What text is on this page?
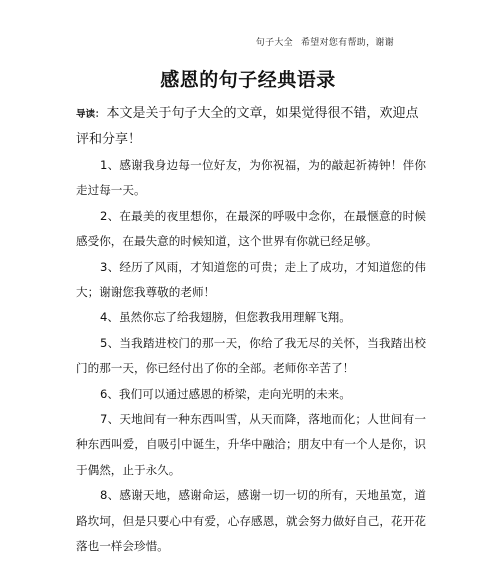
句子大全 希望对您有帮助，谢谢
感恩的句子经典语录

导读： 本文是关于句子大全的文章，如果觉得很不错，欢迎点评和分享！

1、感谢我身边每一位好友，为你祝福，为的敲起祈祷钟！伴你走过每一天。

2、在最美的夜里想你，在最深的呼吸中念你，在最惬意的时候感受你，在最失意的时候知道，这个世界有你就已经足够。

3、经历了风雨，才知道您的可贵；走上了成功，才知道您的伟大；谢谢您我尊敬的老师！

4、虽然你忘了给我翅膀，但您教我用理解飞翔。

5、当我踏进校门的那一天，你给了我无尽的关怀，当我踏出校门的那一天，你已经付出了你的全部。老师你辛苦了！

6、我们可以通过感恩的桥梁，走向光明的未来。

7、天地间有一种东西叫雪，从天而降，落地而化；人世间有一种东西叫爱，自吸引中诞生，升华中融洽；朋友中有一个人是你，识于偶然，止于永久。

8、感谢天地，感谢命运，感谢一切一切的所有，天地虽宽，道路坎坷，但是只要心中有爱，心存感恩，就会努力做好自己，花开花落也一样会珍惜。
